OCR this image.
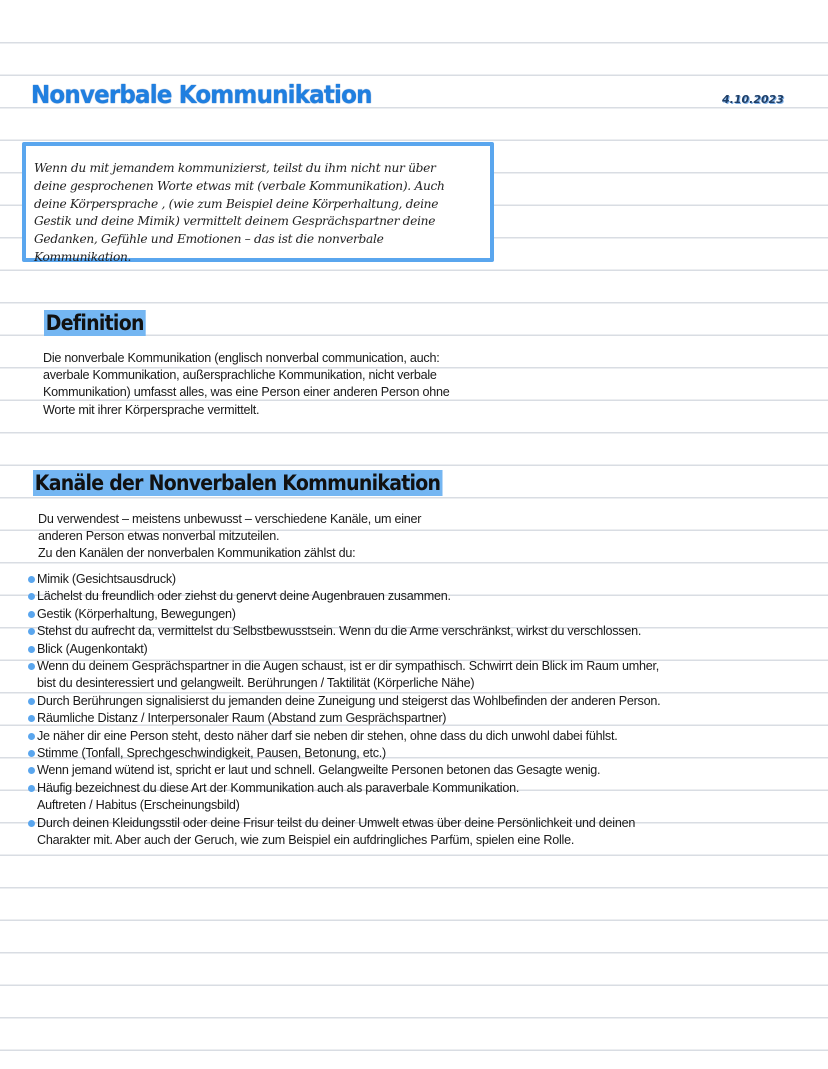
Nonverbale Kommunikation	4.10.2023

Wenn du mit jemandem kommunizierst, teilst du ihm nicht nur über
deine gesprochenen Worte etwas mit (verbale Kommunikation). Auch
deine Körpersprache , (wie zum Beispiel deine Körperhaltung, deine
Gestik und deine Mimik) vermittelt deinem Gesprächspartner deine
Gedanken, Gefühle und Emotionen – das ist die nonverbale
Kommunikation.

Definition

Die nonverbale Kommunikation (englisch nonverbal communication, auch:
averbale Kommunikation, außersprachliche Kommunikation, nicht verbale
Kommunikation) umfasst alles, was eine Person einer anderen Person ohne
Worte mit ihrer Körpersprache vermittelt.

Kanäle der Nonverbalen Kommunikation

Du verwendest – meistens unbewusst – verschiedene Kanäle, um einer
anderen Person etwas nonverbal mitzuteilen.
Zu den Kanälen der nonverbalen Kommunikation zählst du:

Mimik (Gesichtsausdruck)
Lächelst du freundlich oder ziehst du genervt deine Augenbrauen zusammen.
Gestik (Körperhaltung, Bewegungen)
Stehst du aufrecht da, vermittelst du Selbstbewusstsein. Wenn du die Arme verschränkst, wirkst du verschlossen.
Blick (Augenkontakt)
Wenn du deinem Gesprächspartner in die Augen schaust, ist er dir sympathisch. Schwirrt dein Blick im Raum umher, bist du desinteressiert und gelangweilt. Berührungen / Taktilität (Körperliche Nähe)
Durch Berührungen signalisierst du jemanden deine Zuneigung und steigerst das Wohlbefinden der anderen Person.
Räumliche Distanz / Interpersonaler Raum (Abstand zum Gesprächspartner)
Je näher dir eine Person steht, desto näher darf sie neben dir stehen, ohne dass du dich unwohl dabei fühlst.
Stimme (Tonfall, Sprechgeschwindigkeit, Pausen, Betonung, etc.)
Wenn jemand wütend ist, spricht er laut und schnell. Gelangweilte Personen betonen das Gesagte wenig.
Häufig bezeichnest du diese Art der Kommunikation auch als paraverbale Kommunikation.
Auftreten / Habitus (Erscheinungsbild)
Durch deinen Kleidungsstil oder deine Frisur teilst du deiner Umwelt etwas über deine Persönlichkeit und deinen Charakter mit. Aber auch der Geruch, wie zum Beispiel ein aufdringliches Parfüm, spielen eine Rolle.
